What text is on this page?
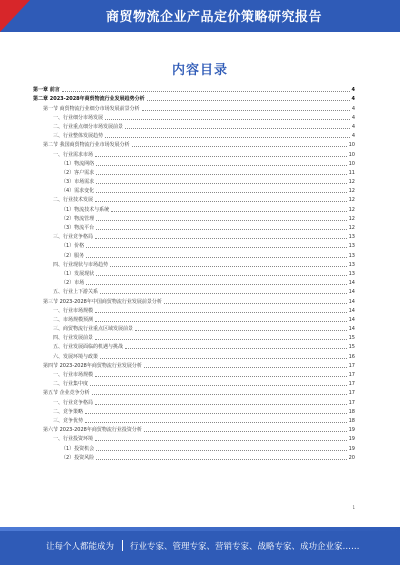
商贸物流企业产品定价策略研究报告
内容目录
第一章 前言	4
第二章 2023-2028年商贸物流行业发展趋势分析	4
第一节 商贸物流行业细分市场发展前景分析	4
一、行业细分市场发展	4
二、行业重点细分市场发展前景	4
三、行业整体发展趋势	4
第二节 我国商贸物流行业市场发展分析	10
一、行业需求市场	10
（1）物流网络	10
（2）客户需求	11
（3）市场需求	12
（4）需求变化	12
二、行业技术发展	12
（1）物流技术与系统	12
（2）物流管理	12
（3）物流平台	12
三、行业竞争格局	13
（1）价格	13
（2）服务	13
四、行业现状与市场趋势	13
（1）发展现状	13
（2）市场	14
五、行业上下游关系	14
第三节 2023-2028年中国商贸物流行业发展前景分析	14
一、行业市场规模	14
二、市场规模预测	14
三、商贸物流行业重点区域发展前景	14
四、行业发展前景	15
五、行业发展面临的机遇与挑战	15
六、发展环境与政策	16
第四节 2023-2028年商贸物流行业发展分析	17
一、行业市场规模	17
二、行业集中度	17
第五节 企业竞争分析	17
一、行业竞争格局	17
二、竞争策略	18
三、竞争优势	18
第六节 2023-2028年商贸物流行业投资分析	19
一、行业投资环境	19
（1）投资机会	19
（2）投资风险	20
1
让每个人都能成为 行业专家、管理专家、营销专家、战略专家、成功企业家……
